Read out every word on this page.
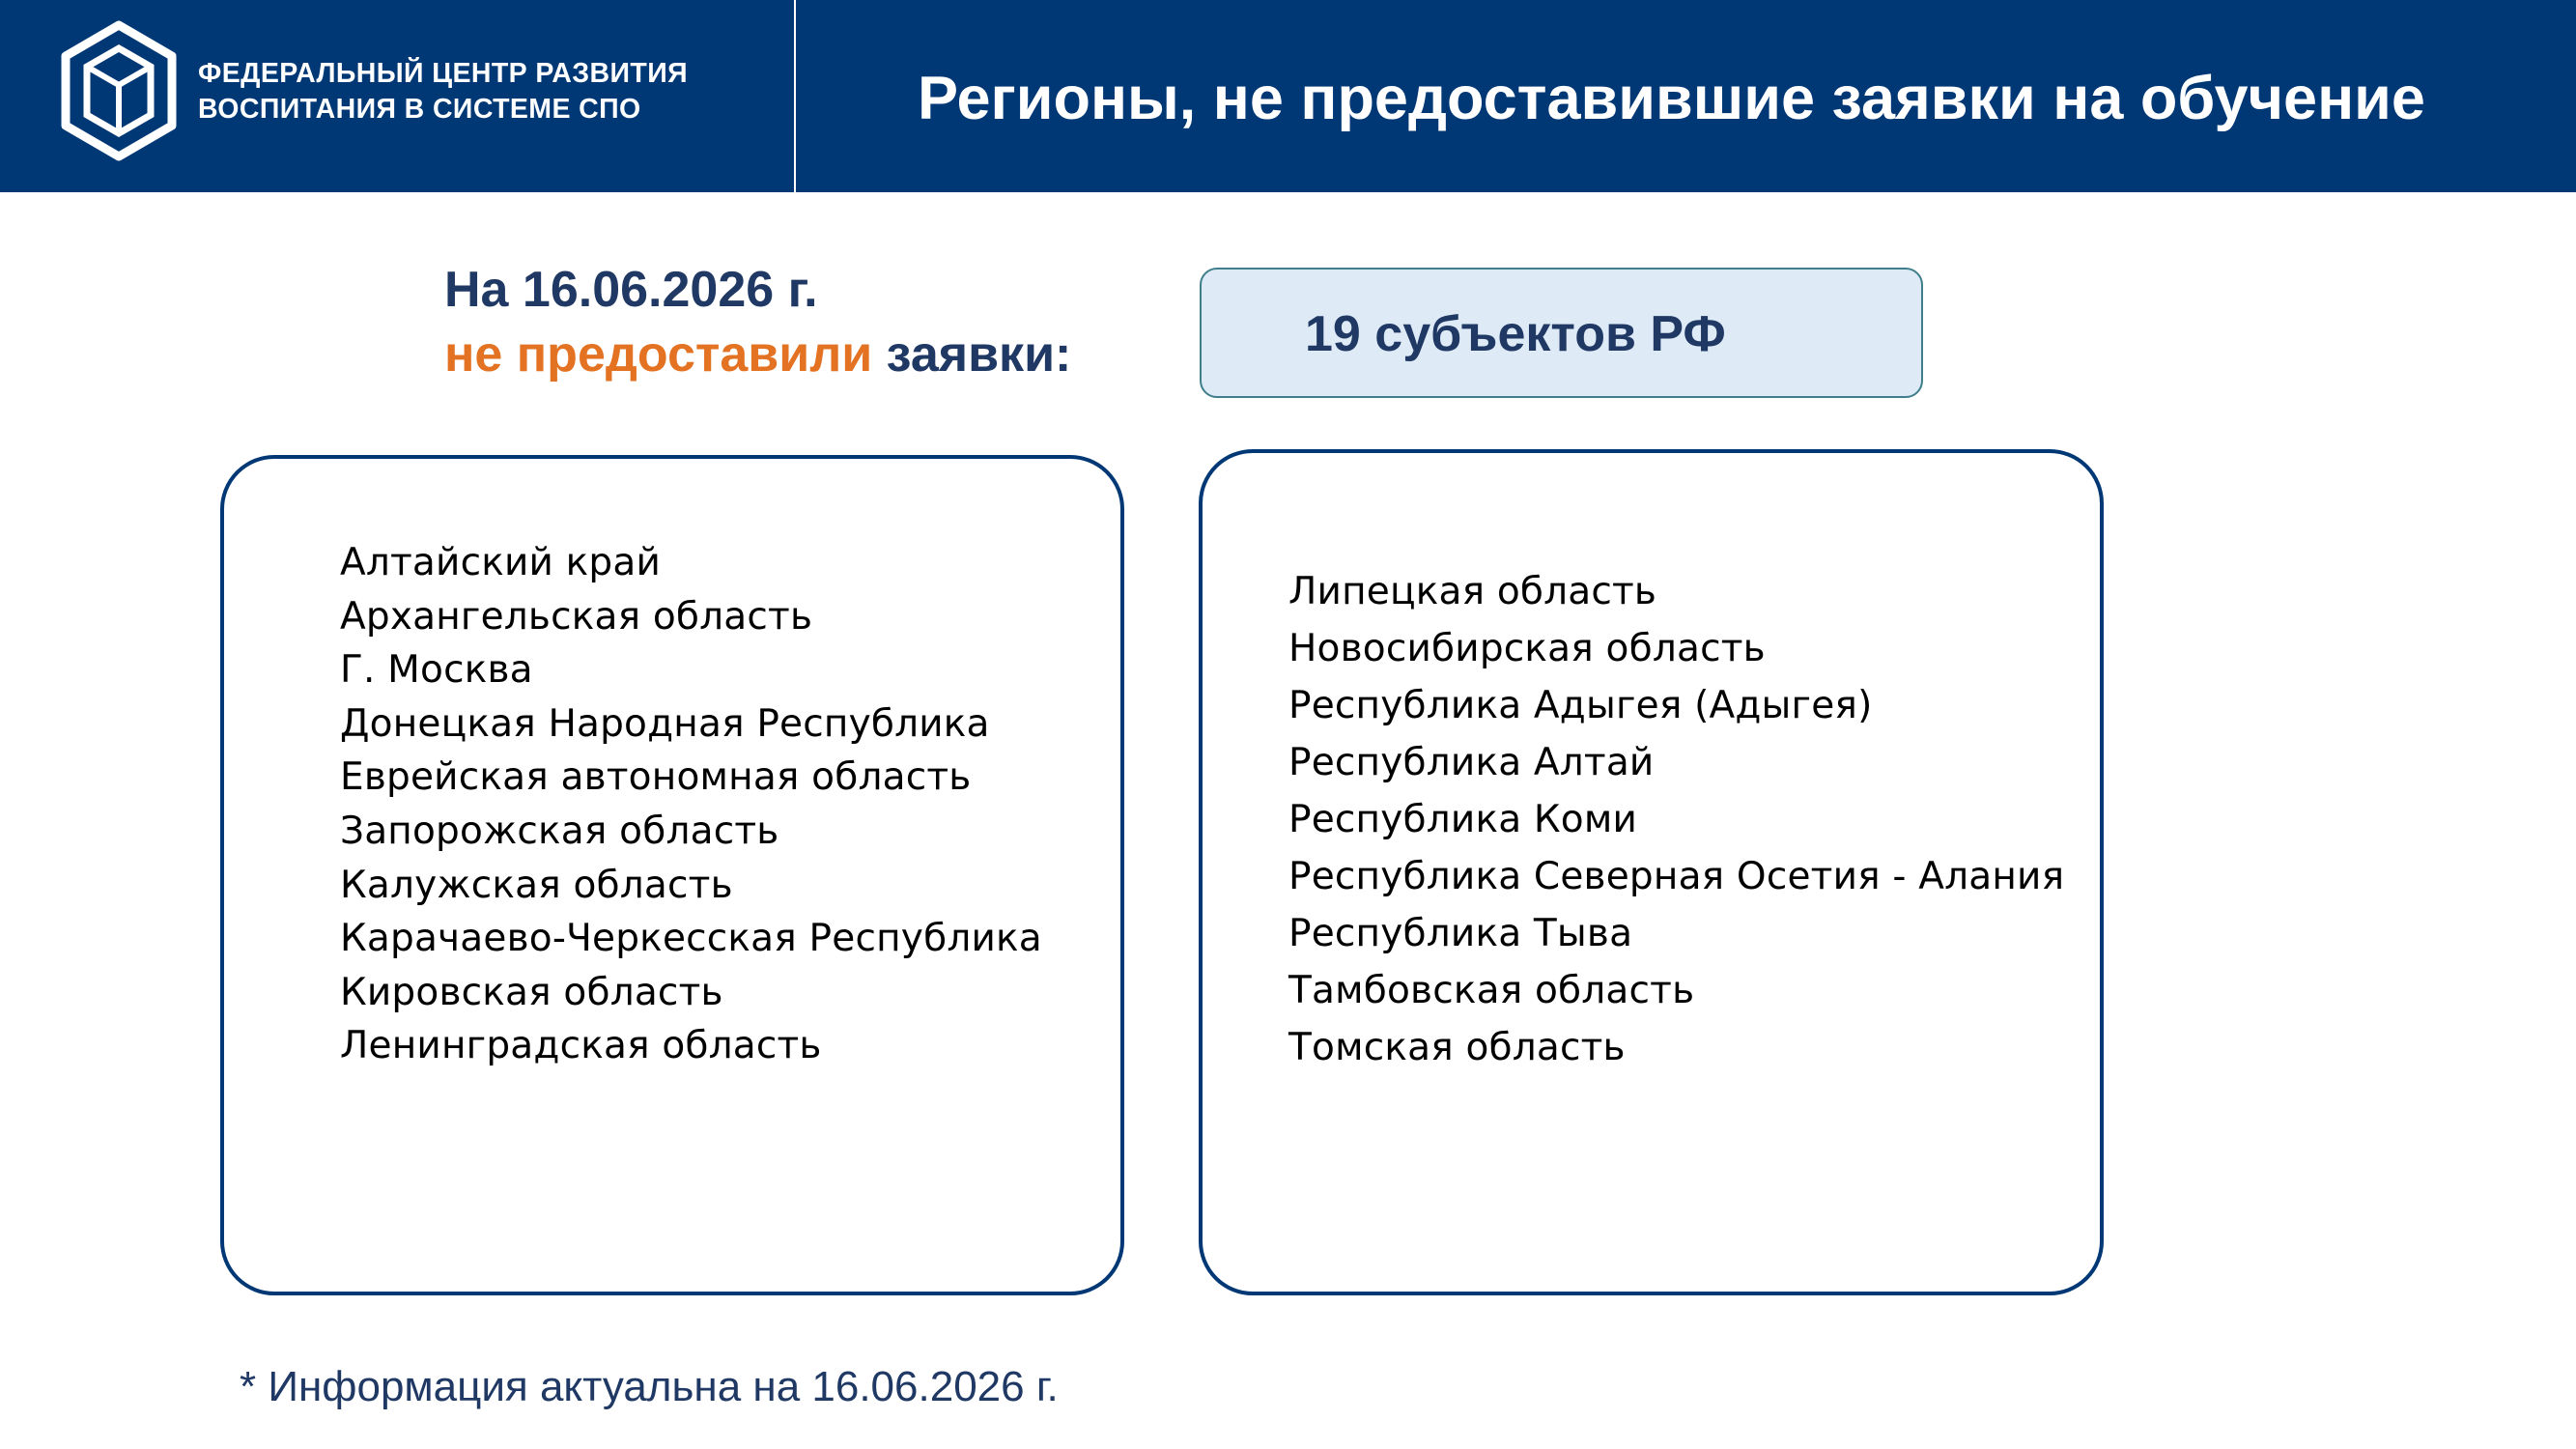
ФЕДЕРАЛЬНЫЙ ЦЕНТР РАЗВИТИЯ
ВОСПИТАНИЯ В СИСТЕМЕ СПО	Регионы, не предоставившие заявки на обучение
На 16.06.2026 г.
не предоставили заявки:	19 субъектов РФ
Алтайский край
Архангельская область
Г. Москва
Донецкая Народная Республика
Еврейская автономная область
Запорожская область
Калужская область
Карачаево-Черкесская Республика
Кировская область
Ленинградская область
Липецкая область
Новосибирская область
Республика Адыгея (Адыгея)
Республика Алтай
Республика Коми
Республика Северная Осетия - Алания
Республика Тыва
Тамбовская область
Томская область
* Информация актуальна на 16.06.2026 г.
